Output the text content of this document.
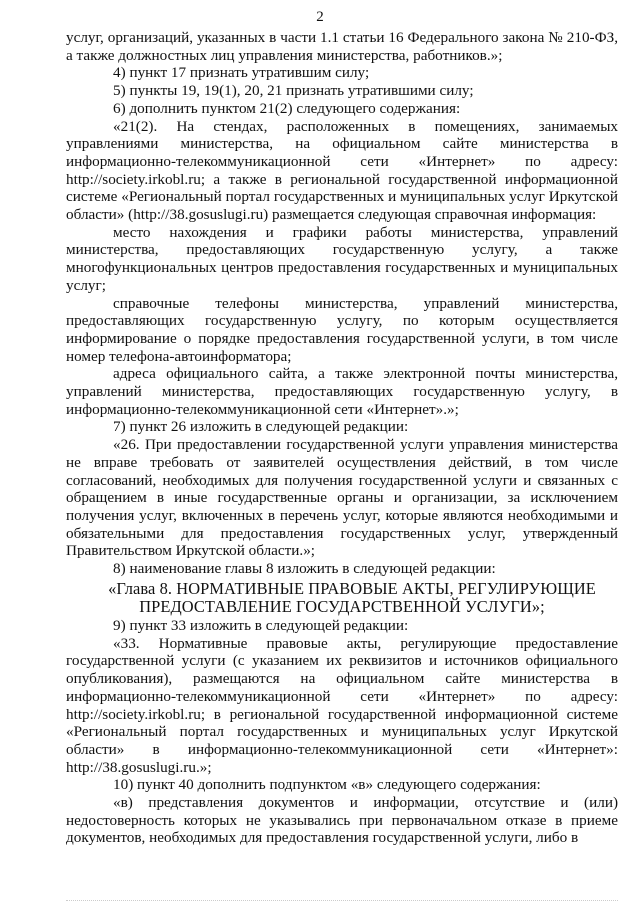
2

услуг, организаций, указанных в части 1.1 статьи 16 Федерального закона № 210-ФЗ, а также должностных лиц управления министерства, работников.»;

4) пункт 17 признать утратившим силу;

5) пункты 19, 19(1), 20, 21 признать утратившими силу;

6) дополнить пунктом 21(2) следующего содержания:

«21(2). На стендах, расположенных в помещениях, занимаемых управлениями министерства, на официальном сайте министерства в информационно-телекоммуникационной сети «Интернет» по адресу: http://society.irkobl.ru; а также в региональной государственной информационной системе «Региональный портал государственных и муниципальных услуг Иркутской области» (http://38.gosuslugi.ru) размещается следующая справочная информация:

место нахождения и графики работы министерства, управлений министерства, предоставляющих государственную услугу, а также многофункциональных центров предоставления государственных и муниципальных услуг;

справочные телефоны министерства, управлений министерства, предоставляющих государственную услугу, по которым осуществляется информирование о порядке предоставления государственной услуги, в том числе номер телефона-автоинформатора;

адреса официального сайта, а также электронной почты министерства, управлений министерства, предоставляющих государственную услугу, в информационно-телекоммуникационной сети «Интернет».»;

7) пункт 26 изложить в следующей редакции:

«26. При предоставлении государственной услуги управления министерства не вправе требовать от заявителей осуществления действий, в том числе согласований, необходимых для получения государственной услуги и связанных с обращением в иные государственные органы и организации, за исключением получения услуг, включенных в перечень услуг, которые являются необходимыми и обязательными для предоставления государственных услуг, утвержденный Правительством Иркутской области.»;

8) наименование главы 8 изложить в следующей редакции:

«Глава 8. НОРМАТИВНЫЕ ПРАВОВЫЕ АКТЫ, РЕГУЛИРУЮЩИЕ
ПРЕДОСТАВЛЕНИЕ ГОСУДАРСТВЕННОЙ УСЛУГИ»;

9) пункт 33 изложить в следующей редакции:

«33. Нормативные правовые акты, регулирующие предоставление государственной услуги (с указанием их реквизитов и источников официального опубликования), размещаются на официальном сайте министерства в информационно-телекоммуникационной сети «Интернет» по адресу: http://society.irkobl.ru; в региональной государственной информационной системе «Региональный портал государственных и муниципальных услуг Иркутской области» в информационно-телекоммуникационной сети «Интернет»: http://38.gosuslugi.ru.»;

10) пункт 40 дополнить подпунктом «в» следующего содержания:

«в) представления документов и информации, отсутствие и (или) недостоверность которых не указывались при первоначальном отказе в приеме документов, необходимых для предоставления государственной услуги, либо в
